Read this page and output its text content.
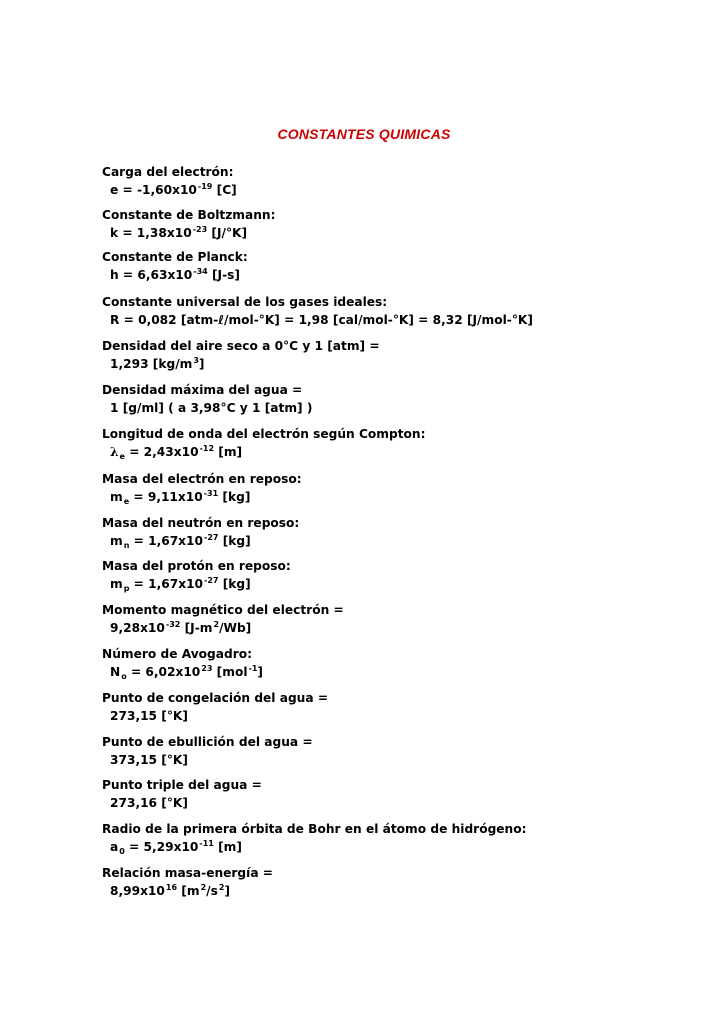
CONSTANTES QUIMICAS
Carga del electrón:
$e = -1,60x10^{-19}$ [C]
Constante de Boltzmann:
$k = 1,38x10^{-23}$ [J/°K]
Constante de Planck:
$h = 6,63x10^{-34}$ [J-s]
Constante universal de los gases ideales:
R = 0,082 [atm-ℓ/mol-°K] = 1,98 [cal/mol-°K] = 8,32 [J/mol-°K]
Densidad del aire seco a 0°C y 1 [atm] =
1,293 $[kg/m^3]$
Densidad máxima del agua =
1 [g/ml] ( a 3,98°C y 1 [atm] )
Longitud de onda del electrón según Compton:
$\lambda_e = 2,43x10^{-12}$ [m]
Masa del electrón en reposo:
$m_e = 9,11x10^{-31}$ [kg]
Masa del neutrón en reposo:
$m_n = 1,67x10^{-27}$ [kg]
Masa del protón en reposo:
$m_p = 1,67x10^{-27}$ [kg]
Momento magnético del electrón =
$9,28x10^{-32}$ $[J-m^2/Wb]$
Número de Avogadro:
$N_o = 6,02x10^{23}$ [mol$^{-1}$]
Punto de congelación del agua =
273,15 [°K]
Punto de ebullición del agua =
373,15 [°K]
Punto triple del agua =
273,16 [°K]
Radio de la primera órbita de Bohr en el átomo de hidrógeno:
$a_0 = 5,29x10^{-11}$ [m]
Relación masa-energía =
$8,99x10^{16}$ $[m^2/s^2]$
